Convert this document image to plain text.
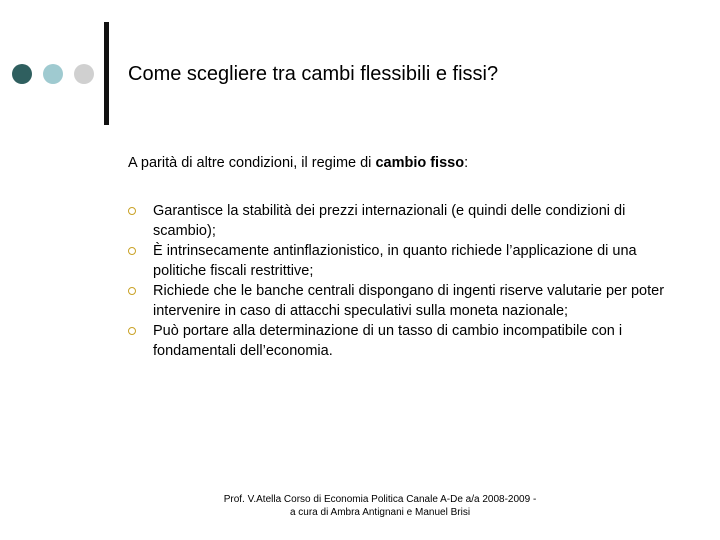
Come scegliere tra cambi flessibili e fissi?
A parità di altre condizioni, il regime di cambio fisso:
Garantisce la stabilità dei prezzi internazionali (e quindi delle condizioni di scambio);
È intrinsecamente antinflazionistico, in quanto richiede l’applicazione di una politiche fiscali restrittive;
Richiede che le banche centrali dispongano di ingenti riserve valutarie per poter intervenire in caso di attacchi speculativi sulla moneta nazionale;
Può portare alla determinazione di un tasso di cambio incompatibile con i fondamentali dell’economia.
Prof. V.Atella Corso di Economia Politica Canale A-De a/a 2008-2009 -
a cura di Ambra Antignani e Manuel Brisi
